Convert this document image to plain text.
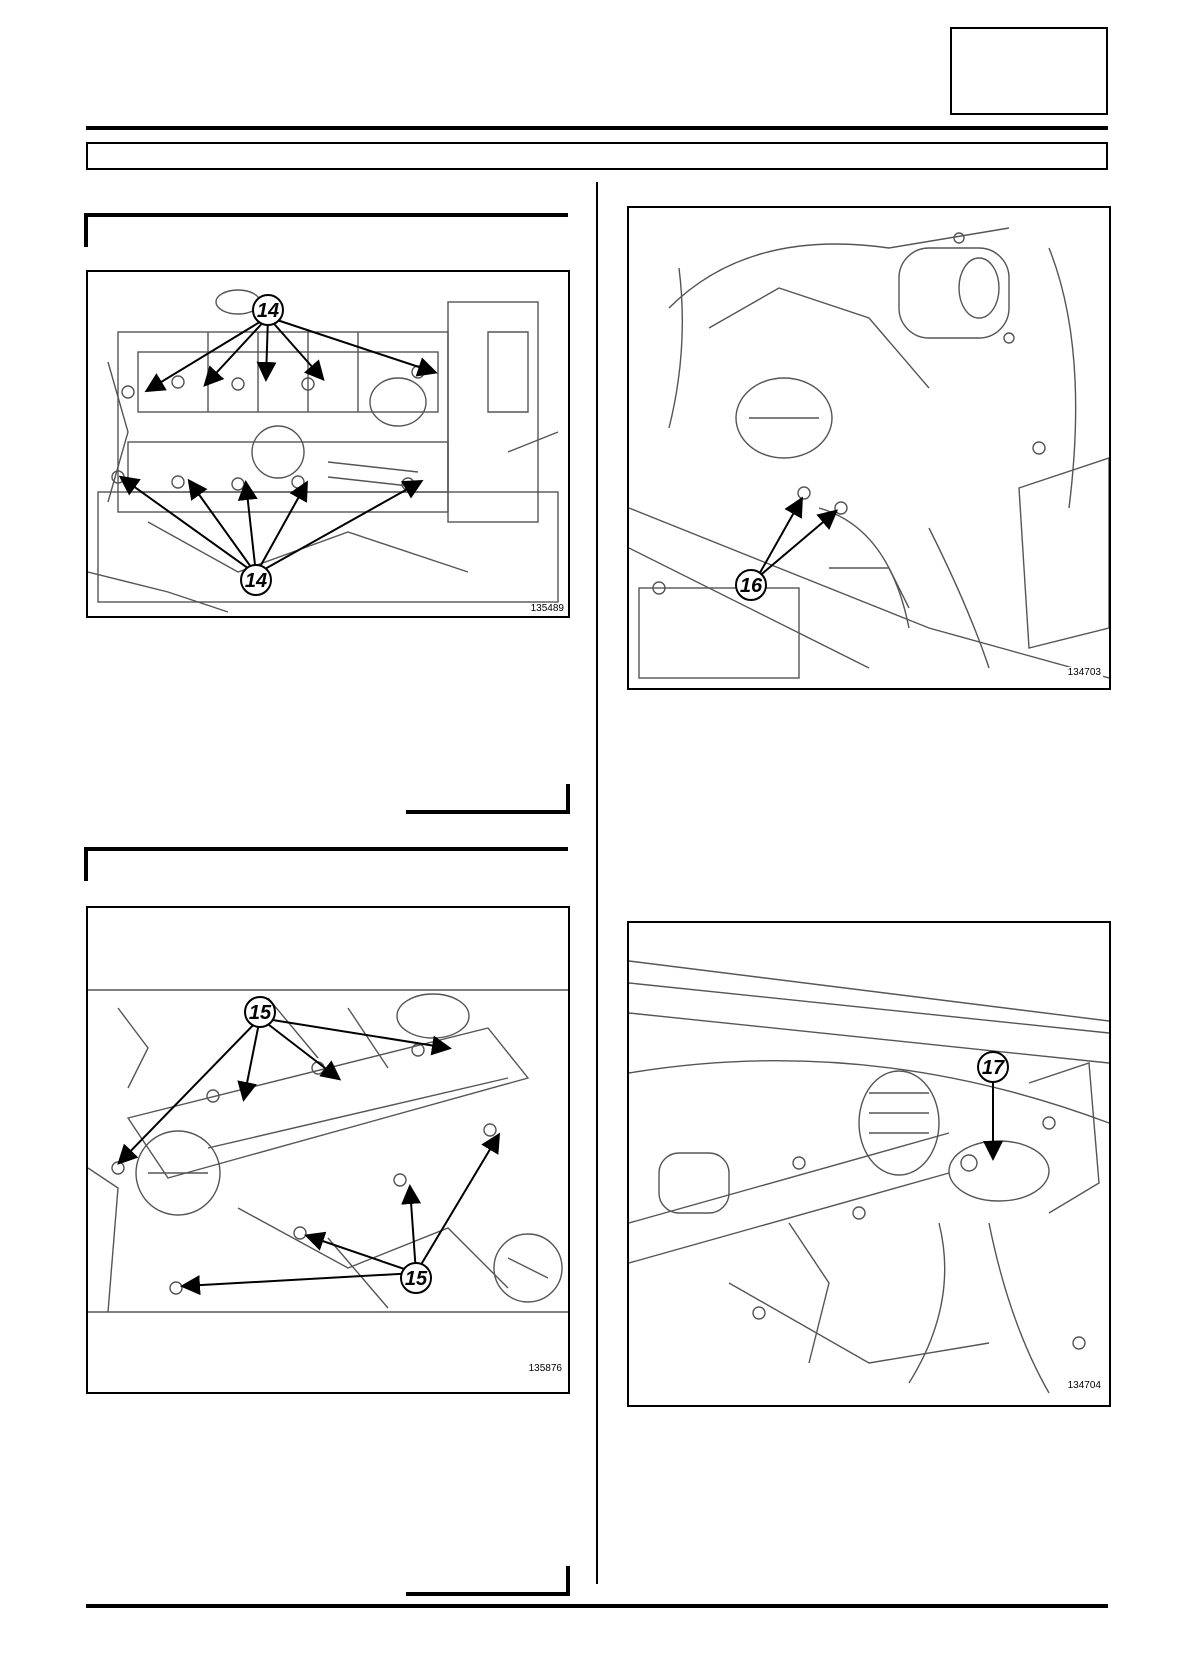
14
14
135489
15
15
135876
16
134703
17
134704
